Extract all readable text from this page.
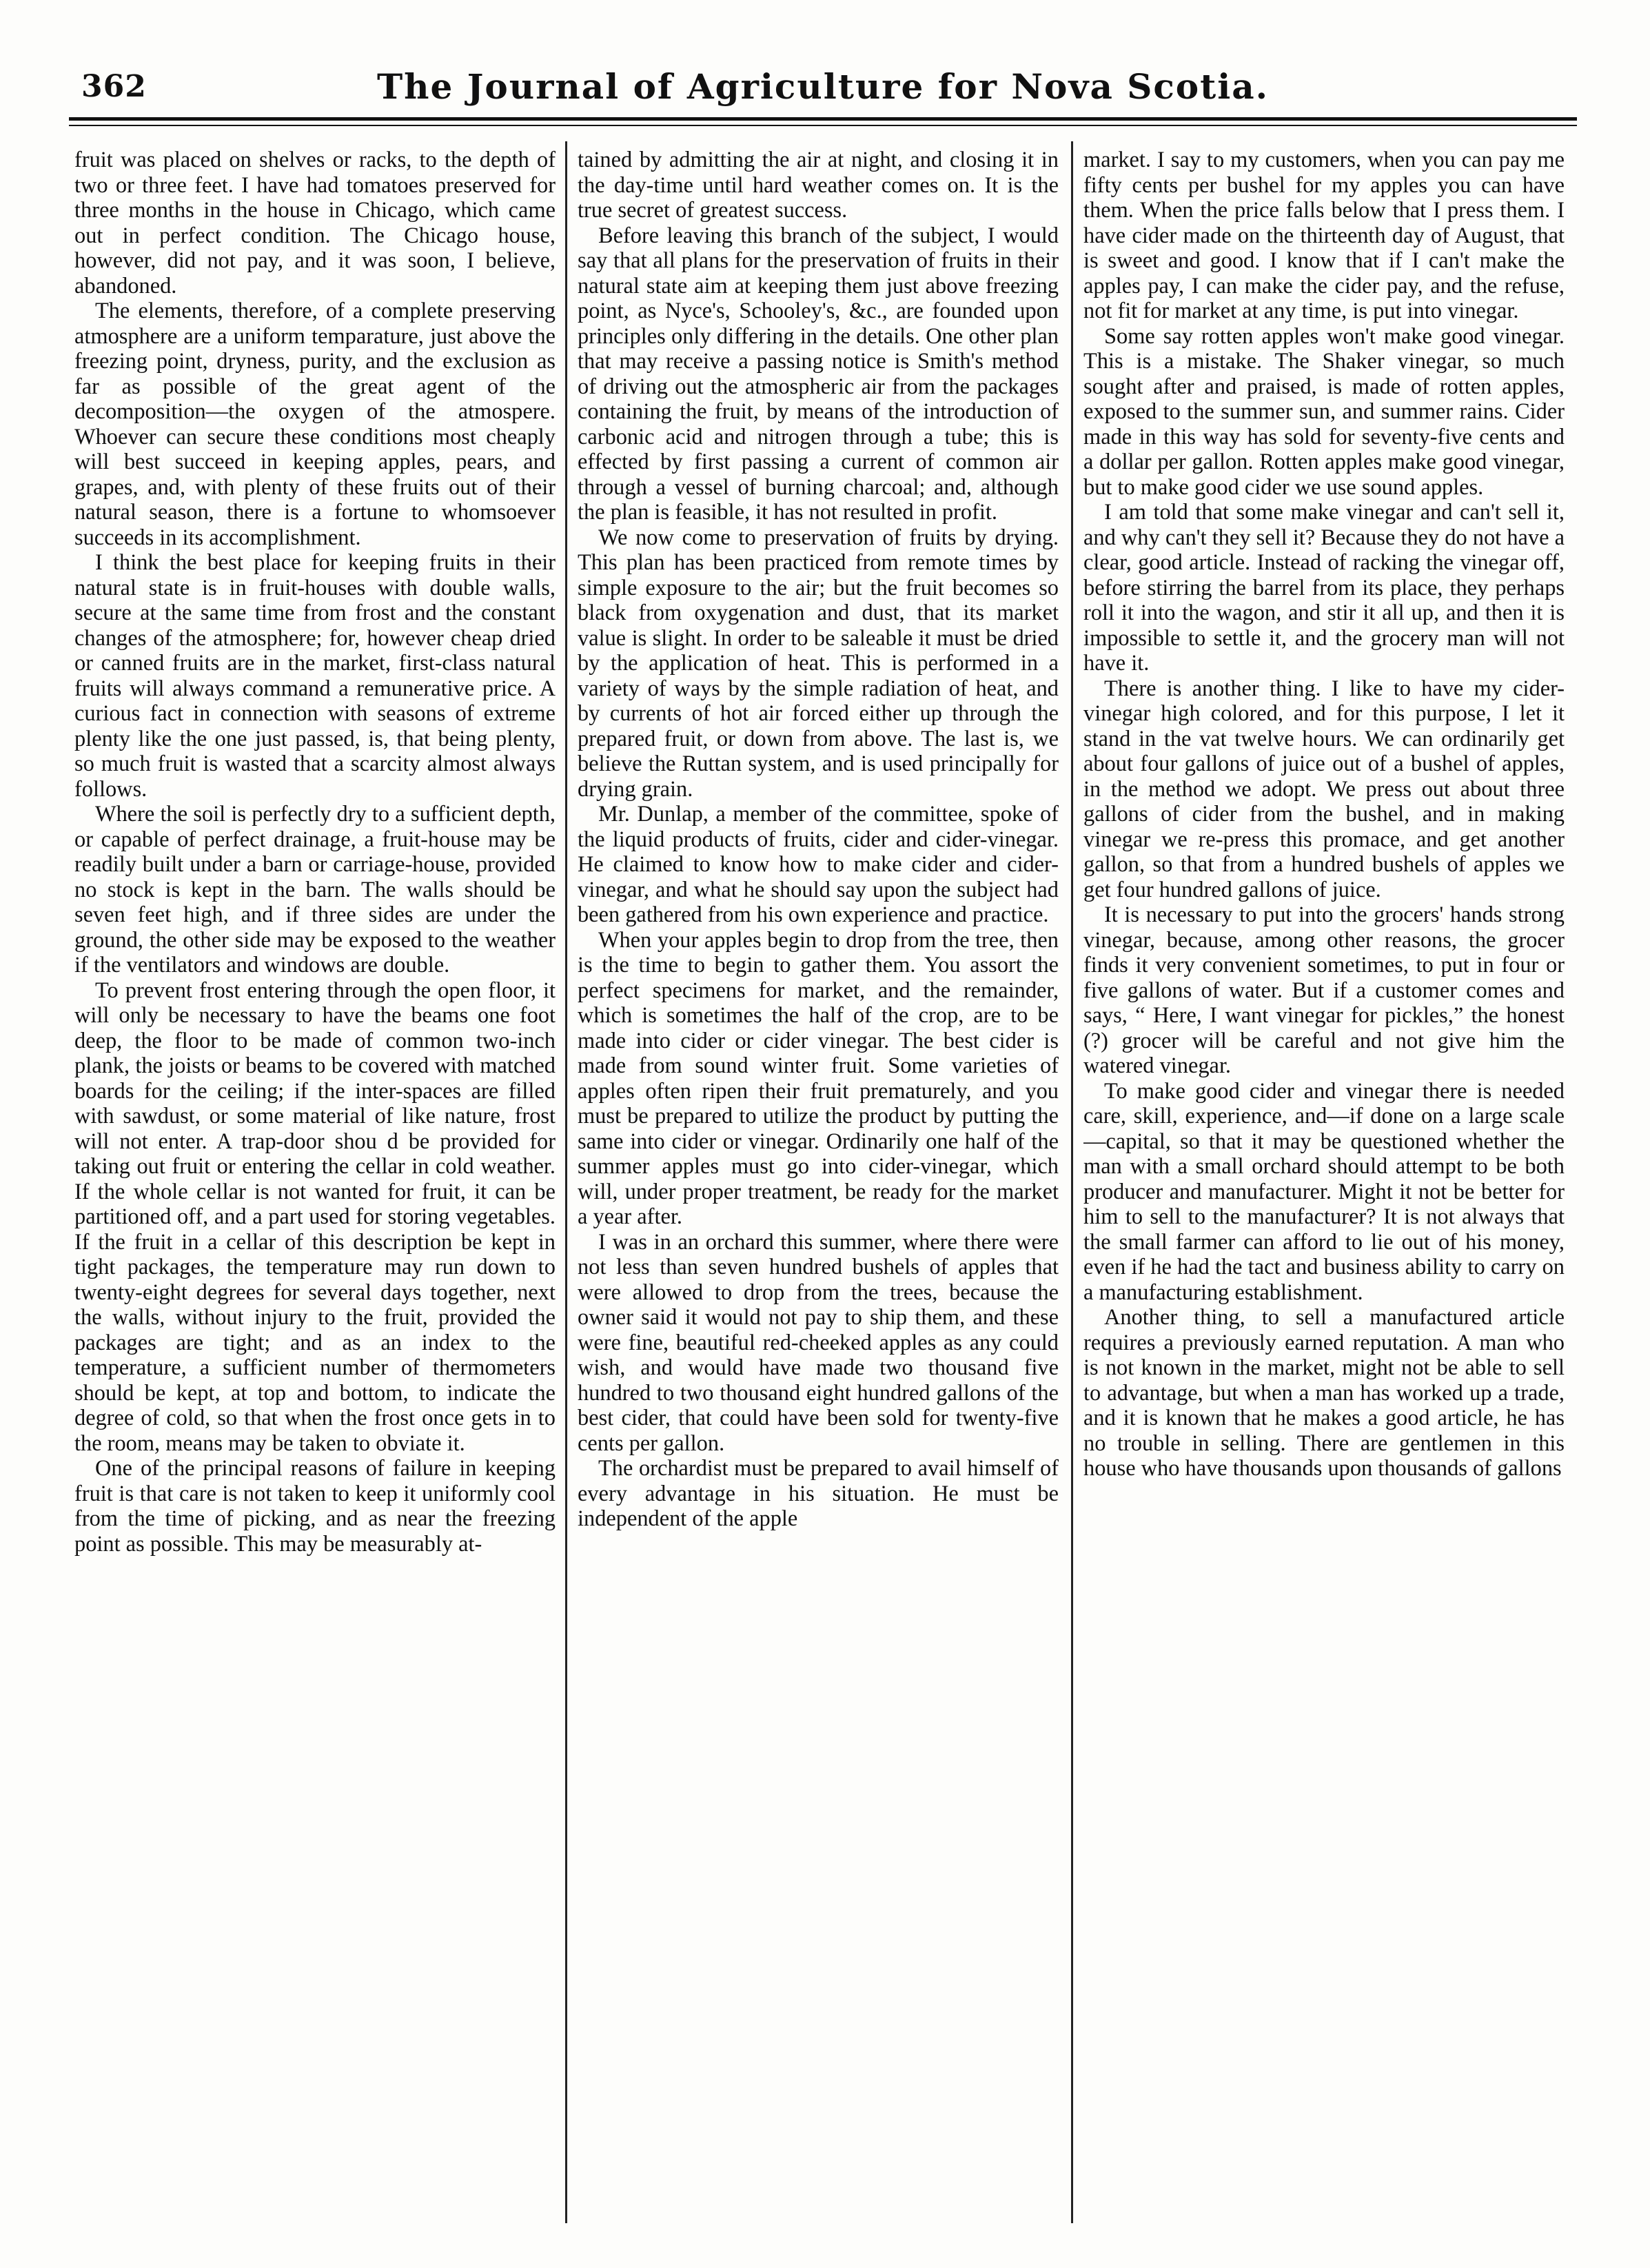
362	The Journal of Agriculture for Nova Scotia.

fruit was placed on shelves or racks, to the depth of two or three feet. I have had tomatoes preserved for three months in the house in Chicago, which came out in perfect condition. The Chicago house, however, did not pay, and it was soon, I believe, abandoned.

The elements, therefore, of a complete preserving atmosphere are a uniform temparature, just above the freezing point, dryness, purity, and the exclusion as far as possible of the great agent of the decomposition—the oxygen of the atmospere. Whoever can secure these conditions most cheaply will best succeed in keeping apples, pears, and grapes, and, with plenty of these fruits out of their natural season, there is a fortune to whomsoever succeeds in its accomplishment.

I think the best place for keeping fruits in their natural state is in fruit-houses with double walls, secure at the same time from frost and the constant changes of the atmosphere; for, however cheap dried or canned fruits are in the market, first-class natural fruits will always command a remunerative price. A curious fact in connection with seasons of extreme plenty like the one just passed, is, that being plenty, so much fruit is wasted that a scarcity almost always follows.

Where the soil is perfectly dry to a sufficient depth, or capable of perfect drainage, a fruit-house may be readily built under a barn or carriage-house, provided no stock is kept in the barn. The walls should be seven feet high, and if three sides are under the ground, the other side may be exposed to the weather if the ventilators and windows are double.

To prevent frost entering through the open floor, it will only be necessary to have the beams one foot deep, the floor to be made of common two-inch plank, the joists or beams to be covered with matched boards for the ceiling; if the inter-spaces are filled with sawdust, or some material of like nature, frost will not enter. A trap-door shou d be provided for taking out fruit or entering the cellar in cold weather. If the whole cellar is not wanted for fruit, it can be partitioned off, and a part used for storing vegetables. If the fruit in a cellar of this description be kept in tight packages, the temperature may run down to twenty-eight degrees for several days together, next the walls, without injury to the fruit, provided the packages are tight; and as an index to the temperature, a sufficient number of thermometers should be kept, at top and bottom, to indicate the degree of cold, so that when the frost once gets in to the room, means may be taken to obviate it.

One of the principal reasons of failure in keeping fruit is that care is not taken to keep it uniformly cool from the time of picking, and as near the freezing point as possible. This may be measurably at-

tained by admitting the air at night, and closing it in the day-time until hard weather comes on. It is the true secret of greatest success.

Before leaving this branch of the subject, I would say that all plans for the preservation of fruits in their natural state aim at keeping them just above freezing point, as Nyce's, Schooley's, &c., are founded upon principles only differing in the details. One other plan that may receive a passing notice is Smith's method of driving out the atmospheric air from the packages containing the fruit, by means of the introduction of carbonic acid and nitrogen through a tube; this is effected by first passing a current of common air through a vessel of burning charcoal; and, although the plan is feasible, it has not resulted in profit.

We now come to preservation of fruits by drying. This plan has been practiced from remote times by simple exposure to the air; but the fruit becomes so black from oxygenation and dust, that its market value is slight. In order to be saleable it must be dried by the application of heat. This is performed in a variety of ways by the simple radiation of heat, and by currents of hot air forced either up through the prepared fruit, or down from above. The last is, we believe the Ruttan system, and is used principally for drying grain.

Mr. Dunlap, a member of the committee, spoke of the liquid products of fruits, cider and cider-vinegar. He claimed to know how to make cider and cider-vinegar, and what he should say upon the subject had been gathered from his own experience and practice.

When your apples begin to drop from the tree, then is the time to begin to gather them. You assort the perfect specimens for market, and the remainder, which is sometimes the half of the crop, are to be made into cider or cider vinegar. The best cider is made from sound winter fruit. Some varieties of apples often ripen their fruit prematurely, and you must be prepared to utilize the product by putting the same into cider or vinegar. Ordinarily one half of the summer apples must go into cider-vinegar, which will, under proper treatment, be ready for the market a year after.

I was in an orchard this summer, where there were not less than seven hundred bushels of apples that were allowed to drop from the trees, because the owner said it would not pay to ship them, and these were fine, beautiful red-cheeked apples as any could wish, and would have made two thousand five hundred to two thousand eight hundred gallons of the best cider, that could have been sold for twenty-five cents per gallon.

The orchardist must be prepared to avail himself of every advantage in his situation. He must be independent of the apple

market. I say to my customers, when you can pay me fifty cents per bushel for my apples you can have them. When the price falls below that I press them. I have cider made on the thirteenth day of August, that is sweet and good. I know that if I can't make the apples pay, I can make the cider pay, and the refuse, not fit for market at any time, is put into vinegar.

Some say rotten apples won't make good vinegar. This is a mistake. The Shaker vinegar, so much sought after and praised, is made of rotten apples, exposed to the summer sun, and summer rains. Cider made in this way has sold for seventy-five cents and a dollar per gallon. Rotten apples make good vinegar, but to make good cider we use sound apples.

I am told that some make vinegar and can't sell it, and why can't they sell it? Because they do not have a clear, good article. Instead of racking the vinegar off, before stirring the barrel from its place, they perhaps roll it into the wagon, and stir it all up, and then it is impossible to settle it, and the grocery man will not have it.

There is another thing. I like to have my cider-vinegar high colored, and for this purpose, I let it stand in the vat twelve hours. We can ordinarily get about four gallons of juice out of a bushel of apples, in the method we adopt. We press out about three gallons of cider from the bushel, and in making vinegar we re-press this promace, and get another gallon, so that from a hundred bushels of apples we get four hundred gallons of juice.

It is necessary to put into the grocers' hands strong vinegar, because, among other reasons, the grocer finds it very convenient sometimes, to put in four or five gallons of water. But if a customer comes and says, “ Here, I want vinegar for pickles,” the honest (?) grocer will be careful and not give him the watered vinegar.

To make good cider and vinegar there is needed care, skill, experience, and—if done on a large scale—capital, so that it may be questioned whether the man with a small orchard should attempt to be both producer and manufacturer. Might it not be better for him to sell to the manufacturer? It is not always that the small farmer can afford to lie out of his money, even if he had the tact and business ability to carry on a manufacturing establishment.

Another thing, to sell a manufactured article requires a previously earned reputation. A man who is not known in the market, might not be able to sell to advantage, but when a man has worked up a trade, and it is known that he makes a good article, he has no trouble in selling. There are gentlemen in this house who have thousands upon thousands of gallons
